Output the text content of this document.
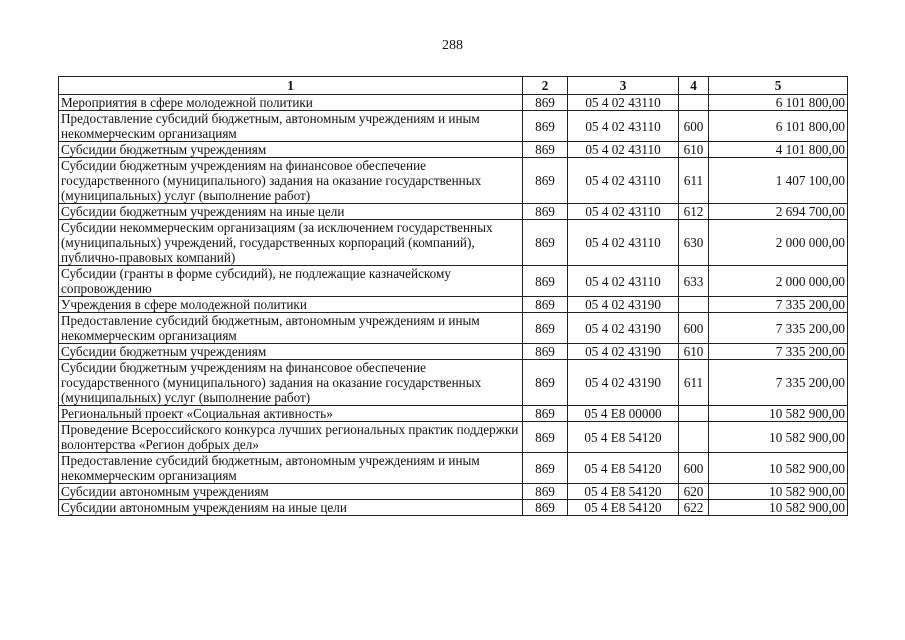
288
1	2	3	4	5
Мероприятия в сфере молодежной политики	869	05 4 02 43110		6 101 800,00
Предоставление субсидий бюджетным, автономным учреждениям и иным некоммерческим организациям	869	05 4 02 43110	600	6 101 800,00
Субсидии бюджетным учреждениям	869	05 4 02 43110	610	4 101 800,00
Субсидии бюджетным учреждениям на финансовое обеспечение государственного (муниципального) задания на оказание государственных (муниципальных) услуг (выполнение работ)	869	05 4 02 43110	611	1 407 100,00
Субсидии бюджетным учреждениям на иные цели	869	05 4 02 43110	612	2 694 700,00
Субсидии некоммерческим организациям (за исключением государственных (муниципальных) учреждений, государственных корпораций (компаний), публично-правовых компаний)	869	05 4 02 43110	630	2 000 000,00
Субсидии (гранты в форме субсидий), не подлежащие казначейскому сопровождению	869	05 4 02 43110	633	2 000 000,00
Учреждения в сфере молодежной политики	869	05 4 02 43190		7 335 200,00
Предоставление субсидий бюджетным, автономным учреждениям и иным некоммерческим организациям	869	05 4 02 43190	600	7 335 200,00
Субсидии бюджетным учреждениям	869	05 4 02 43190	610	7 335 200,00
Субсидии бюджетным учреждениям на финансовое обеспечение государственного (муниципального) задания на оказание государственных (муниципальных) услуг (выполнение работ)	869	05 4 02 43190	611	7 335 200,00
Региональный проект «Социальная активность»	869	05 4 E8 00000		10 582 900,00
Проведение Всероссийского конкурса лучших региональных практик поддержки волонтерства «Регион добрых дел»	869	05 4 E8 54120		10 582 900,00
Предоставление субсидий бюджетным, автономным учреждениям и иным некоммерческим организациям	869	05 4 E8 54120	600	10 582 900,00
Субсидии автономным учреждениям	869	05 4 E8 54120	620	10 582 900,00
Субсидии автономным учреждениям на иные цели	869	05 4 E8 54120	622	10 582 900,00
